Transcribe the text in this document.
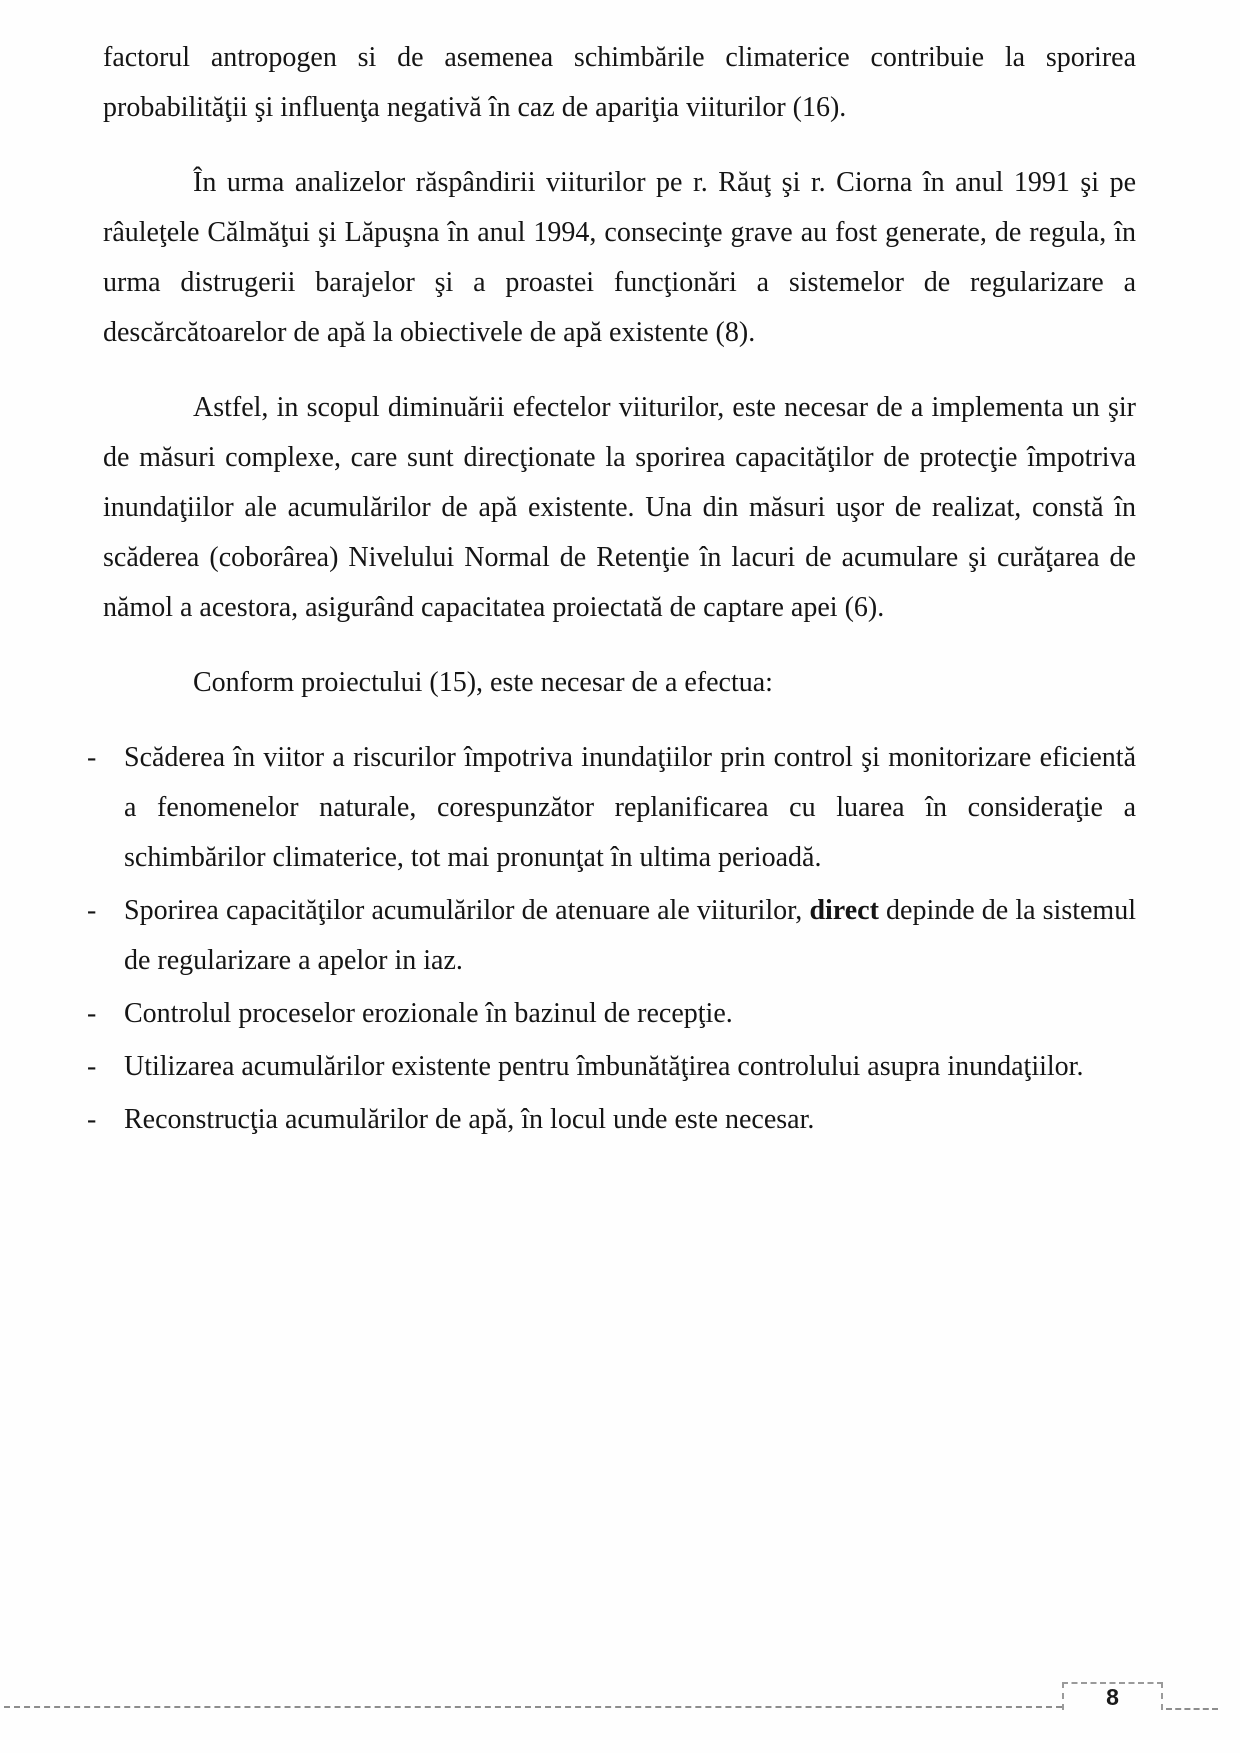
factorul antropogen si de asemenea schimbările climaterice contribuie la sporirea probabilităţii şi influenţa negativă în caz de apariţia viiturilor (16).

În urma analizelor răspândirii viiturilor pe r. Răuţ şi r. Ciorna în anul 1991 şi pe râuleţele Călmăţui şi Lăpuşna în anul 1994, consecinţe grave au fost generate, de regula, în urma distrugerii barajelor şi a proastei funcţionări a sistemelor de regularizare a descărcătoarelor de apă la obiectivele de apă existente (8).

Astfel, in scopul diminuării efectelor viiturilor, este necesar de a implementa un şir de măsuri complexe, care sunt direcţionate la sporirea capacităţilor de protecţie împotriva inundaţiilor ale acumulărilor de apă existente. Una din măsuri uşor de realizat, constă în scăderea (coborârea) Nivelului Normal de Retenţie în lacuri de acumulare şi curăţarea de nămol a acestora, asigurând capacitatea proiectată de captare apei (6).

Conform proiectului (15), este necesar de a efectua:

- Scăderea în viitor a riscurilor împotriva inundaţiilor prin control şi monitorizare eficientă a fenomenelor naturale, corespunzător replanificarea cu luarea în consideraţie a schimbărilor climaterice, tot mai pronunţat în ultima perioadă.
- Sporirea capacităţilor acumulărilor de atenuare ale viiturilor, direct depinde de la sistemul de regularizare a apelor in iaz.
- Controlul proceselor erozionale în bazinul de recepţie.
- Utilizarea acumulărilor existente pentru îmbunătăţirea controlului asupra inundaţiilor.
- Reconstrucţia acumulărilor de apă, în locul unde este necesar.
8
